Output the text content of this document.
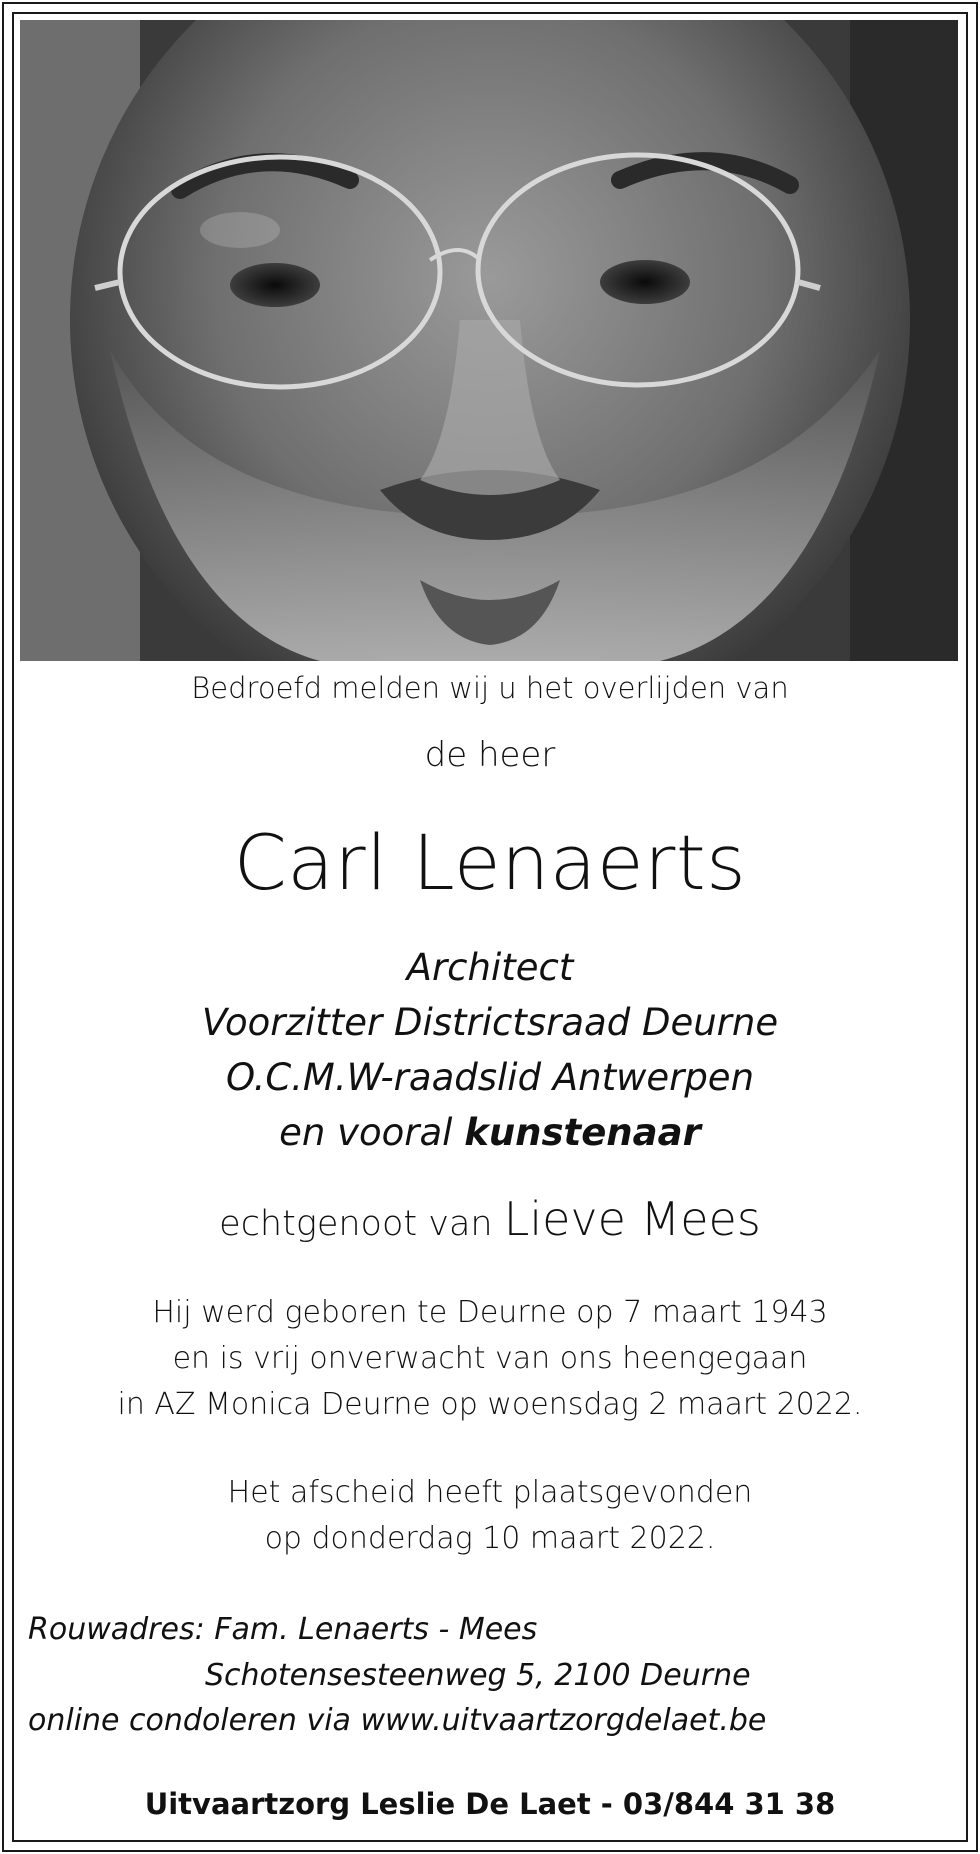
Bedroefd melden wij u het overlijden van
de heer
Carl Lenaerts
Architect
Voorzitter Districtsraad Deurne
O.C.M.W-raadslid Antwerpen
en vooral kunstenaar
echtgenoot van Lieve Mees
Hij werd geboren te Deurne op 7 maart 1943
en is vrij onverwacht van ons heengegaan
in AZ Monica Deurne op woensdag 2 maart 2022.
Het afscheid heeft plaatsgevonden
op donderdag 10 maart 2022.
Rouwadres: Fam. Lenaerts - Mees
Schotensesteenweg 5, 2100 Deurne
online condoleren via www.uitvaartzorgdelaet.be
Uitvaartzorg Leslie De Laet - 03/844 31 38
